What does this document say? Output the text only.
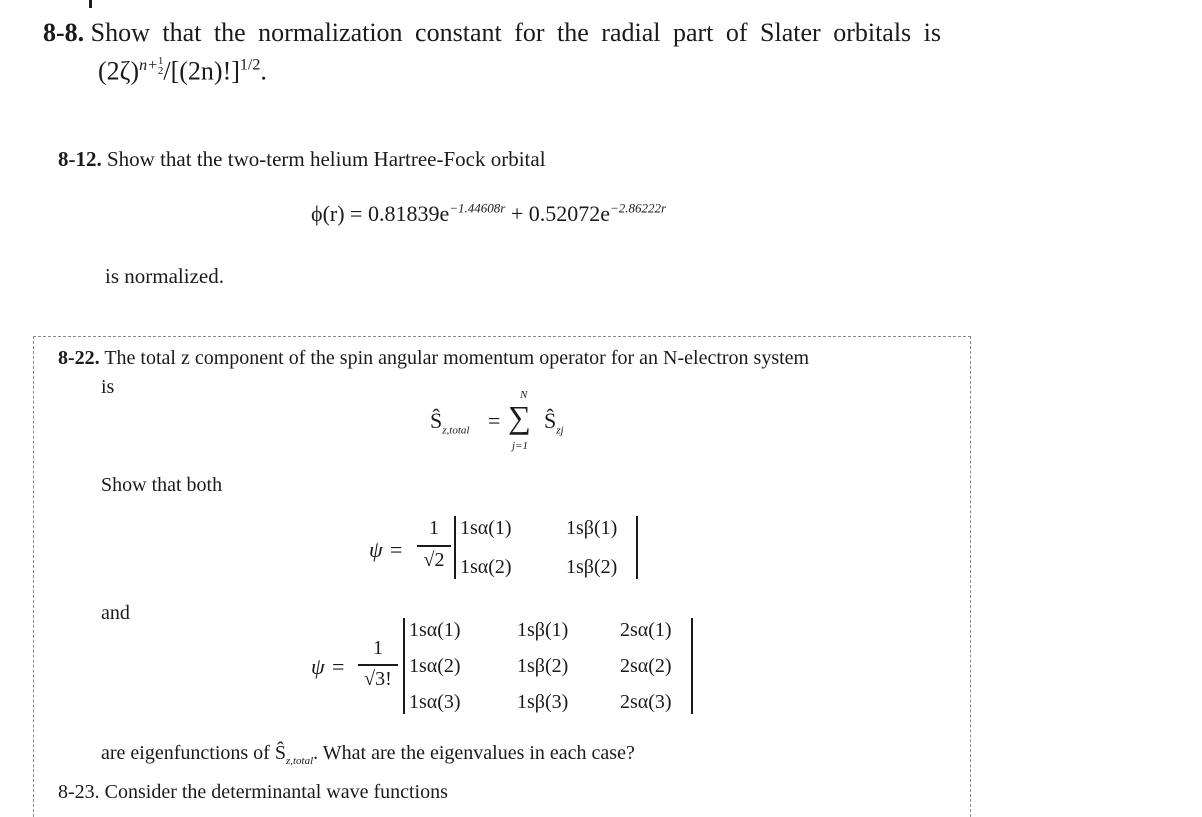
8-8. Show that the normalization constant for the radial part of Slater orbitals is
$(2\zeta)^{n+1 2}/[(2n)!]^{1/2}$.
8-12. Show that the two-term helium Hartree-Fock orbital
$\phi(r) = 0.81839e^{-1.44608r} + 0.52072e^{-2.86222r}$
is normalized.
8-22. The total z component of the spin angular momentum operator for an N-electron system
is
$Ŝ_{z,total}$ =
N
∑
j=1
$Ŝ_{zj}$
Show that both
ψ =
1
√2
1sα(1)	1sβ(1)
1sα(2)	1sβ(2)
and
ψ =
1
√3!
1sα(1)	1sβ(1)	2sα(1)
1sα(2)	1sβ(2)	2sα(2)
1sα(3)	1sβ(3)	2sα(3)
are eigenfunctions of $Ŝ_{z,total}$. What are the eigenvalues in each case?
8-23. Consider the determinantal wave functions
